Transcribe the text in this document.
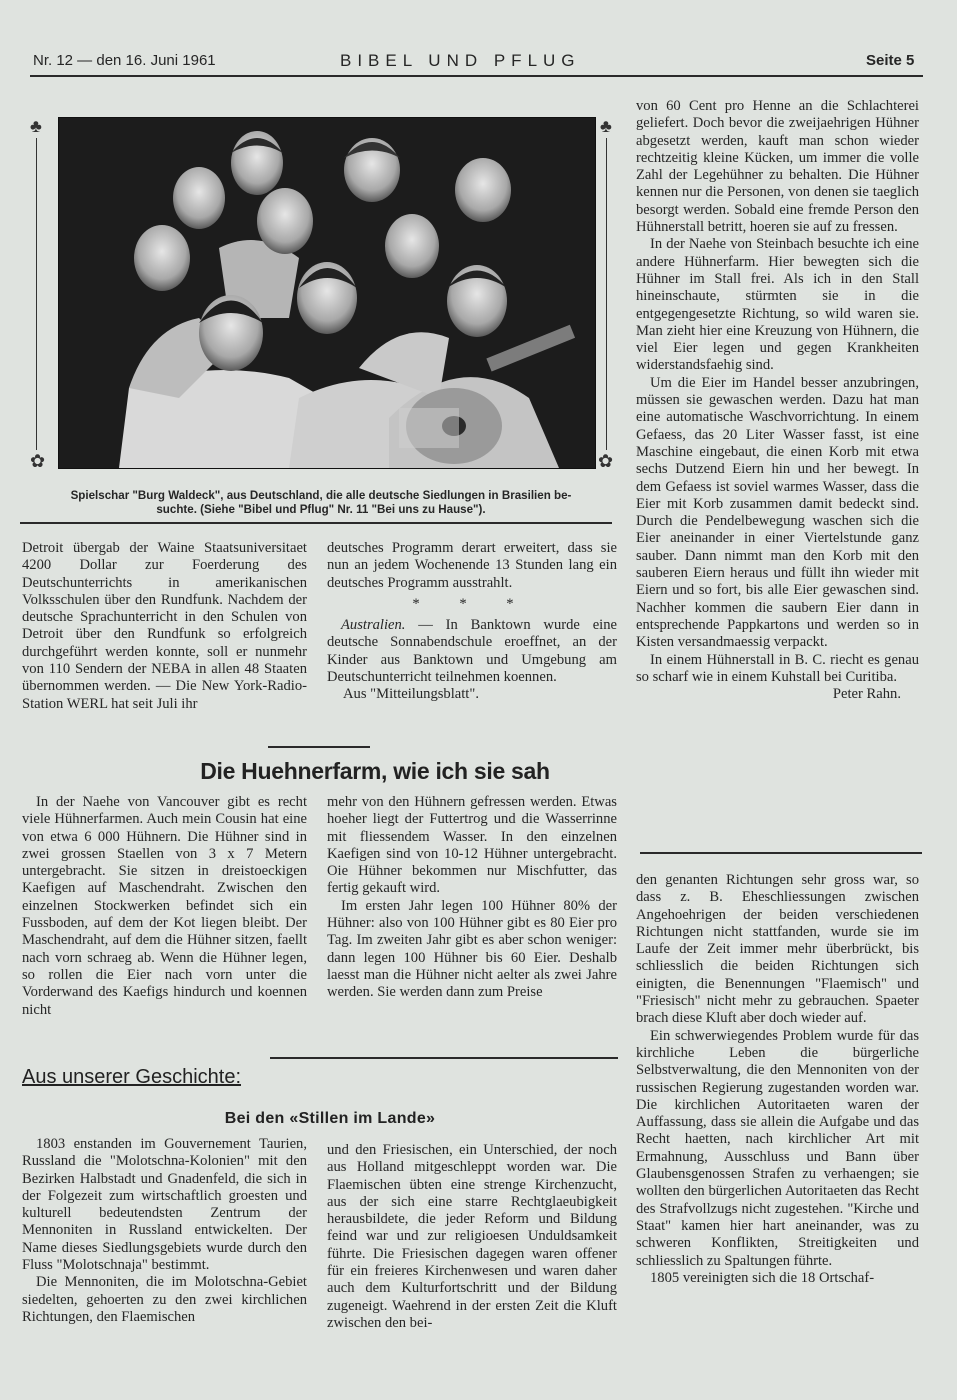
Nr. 12 — den 16. Juni 1961	BIBEL UND PFLUG	Seite 5
♣
✿
♣
✿
Spielschar "Burg Waldeck", aus Deutschland, die alle deutsche Siedlungen in Brasilien be-
suchte. (Siehe "Bibel und Pflug" Nr. 11 "Bei uns zu Hause").

Detroit übergab der Waine Staatsuniversitaet 4200 Dollar zur Foerderung des Deutschunterrichts in amerikanischen Volksschulen über den Rundfunk. Nachdem der deutsche Sprachunterricht in den Schulen von Detroit über den Rundfunk so erfolgreich durchgeführt werden konnte, soll er nunmehr von 110 Sendern der NEBA in allen 48 Staaten übernommen werden. — Die New York-Radio-Station WERL hat seit Juli ihr

deutsches Programm derart erweitert, dass sie nun an jedem Wochenende 13 Stunden lang ein deutsches Programm ausstrahlt.

* * *

Australien. — In Banktown wurde eine deutsche Sonnabendschule eroeffnet, an der Kinder aus Banktown und Umgebung am Deutschunterricht teilnehmen koennen.

Aus "Mitteilungsblatt".

Die Huehnerfarm, wie ich sie sah

In der Naehe von Vancouver gibt es recht viele Hühnerfarmen. Auch mein Cousin hat eine von etwa 6 000 Hühnern. Die Hühner sind in zwei grossen Staellen von 3 x 7 Metern untergebracht. Sie sitzen in dreistoeckigen Kaefigen auf Maschendraht. Zwischen den einzelnen Stockwerken befindet sich ein Fussboden, auf dem der Kot liegen bleibt. Der Maschendraht, auf dem die Hühner sitzen, faellt nach vorn schraeg ab. Wenn die Hühner legen, so rollen die Eier nach vorn unter die Vorderwand des Kaefigs hindurch und koennen nicht

mehr von den Hühnern gefressen werden. Etwas hoeher liegt der Futtertrog und die Wasserrinne mit fliessendem Wasser. In den einzelnen Kaefigen sind von 10-12 Hühner untergebracht. Oie Hühner bekommen nur Mischfutter, das fertig gekauft wird.

Im ersten Jahr legen 100 Hühner 80% der Hühner: also von 100 Hühner gibt es 80 Eier pro Tag. Im zweiten Jahr gibt es aber schon weniger: dann legen 100 Hühner bis 60 Eier. Deshalb laesst man die Hühner nicht aelter als zwei Jahre werden. Sie werden dann zum Preise

Aus unserer Geschichte:
Bei den «Stillen im Lande»

1803 enstanden im Gouvernement Taurien, Russland die "Molotschna-Kolonien" mit den Bezirken Halbstadt und Gnadenfeld, die sich in der Folgezeit zum wirtschaftlich groesten und kulturell bedeutendsten Zentrum der Mennoniten in Russland entwickelten. Der Name dieses Siedlungsgebiets wurde durch den Fluss "Molotschnaja" bestimmt.

Die Mennoniten, die im Molotschna-Gebiet siedelten, gehoerten zu den zwei kirchlichen Richtungen, den Flaemischen

und den Friesischen, ein Unterschied, der noch aus Holland mitgeschleppt worden war. Die Flaemischen übten eine strenge Kirchenzucht, aus der sich eine starre Rechtglaeubigkeit herausbildete, die jeder Reform und Bildung feind war und zur religioesen Unduldsamkeit führte. Die Friesischen dagegen waren offener für ein freieres Kirchenwesen und waren daher auch dem Kulturfortschritt und der Bildung zugeneigt. Waehrend in der ersten Zeit die Kluft zwischen den bei-

von 60 Cent pro Henne an die Schlachterei geliefert. Doch bevor die zweijaehrigen Hühner abgesetzt werden, kauft man schon wieder rechtzeitig kleine Kücken, um immer die volle Zahl der Legehühner zu behalten. Die Hühner kennen nur die Personen, von denen sie taeglich besorgt werden. Sobald eine fremde Person den Hühnerstall betritt, hoeren sie auf zu fressen.

In der Naehe von Steinbach besuchte ich eine andere Hühnerfarm. Hier bewegten sich die Hühner im Stall frei. Als ich in den Stall hineinschaute, stürmten sie in die entgegengesetzte Richtung, so wild waren sie. Man zieht hier eine Kreuzung von Hühnern, die viel Eier legen und gegen Krankheiten widerstandsfaehig sind.

Um die Eier im Handel besser anzubringen, müssen sie gewaschen werden. Dazu hat man eine automatische Waschvorrichtung. In einem Gefaess, das 20 Liter Wasser fasst, ist eine Maschine eingebaut, die einen Korb mit etwa sechs Dutzend Eiern hin und her bewegt. In dem Gefaess ist soviel warmes Wasser, dass die Eier mit Korb zusammen damit bedeckt sind. Durch die Pendelbewegung waschen sich die Eier aneinander in einer Viertelstunde ganz sauber. Dann nimmt man den Korb mit den sauberen Eiern heraus und füllt ihn wieder mit Eiern und so fort, bis alle Eier gewaschen sind. Nachher kommen die saubern Eier dann in entsprechende Pappkartons und werden so in Kisten versandmaessig verpackt.

In einem Hühnerstall in B. C. riecht es genau so scharf wie in einem Kuhstall bei Curitiba.

Peter Rahn.

den genanten Richtungen sehr gross war, so dass z. B. Eheschliessungen zwischen Angehoehrigen der beiden verschiedenen Richtungen nicht stattfanden, wurde sie im Laufe der Zeit immer mehr überbrückt, bis schliesslich die beiden Richtungen sich einigten, die Benennungen "Flaemisch" und "Friesisch" nicht mehr zu gebrauchen. Spaeter brach diese Kluft aber doch wieder auf.

Ein schwerwiegendes Problem wurde für das kirchliche Leben die bürgerliche Selbstverwaltung, die den Mennoniten von der russischen Regierung zugestanden worden war. Die kirchlichen Autoritaeten waren der Auffassung, dass sie allein die Aufgabe und das Recht haetten, nach kirchlicher Art mit Ermahnung, Ausschluss und Bann über Glaubensgenossen Strafen zu verhaengen; sie wollten den bürgerlichen Autoritaeten das Recht des Strafvollzugs nicht zugestehen. "Kirche und Staat" kamen hier hart aneinander, was zu schweren Konflikten, Streitigkeiten und schliesslich zu Spaltungen führte.

1805 vereinigten sich die 18 Ortschaf-
